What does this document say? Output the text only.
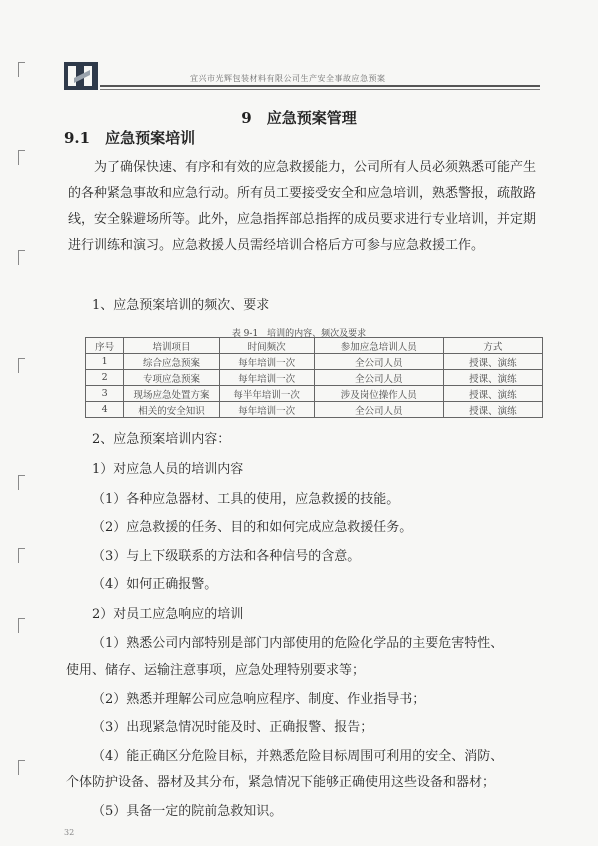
宜兴市光辉包装材料有限公司生产安全事故应急预案
9　应急预案管理
9.1　 应急预案培训

为了确保快速、有序和有效的应急救援能力，公司所有人员必须熟悉可能产生的各种紧急事故和应急行动。所有员工要接受安全和应急培训，熟悉警报，疏散路线，安全躲避场所等。此外，应急指挥部总指挥的成员要求进行专业培训，并定期进行训练和演习。应急救援人员需经培训合格后方可参与应急救援工作。

1、应急预案培训的频次、要求
表 9-1　培训的内容、频次及要求
序号	培训项目	时间频次	参加应急培训人员	方式
1	综合应急预案	每年培训一次	全公司人员	授课、演练
2	专项应急预案	每年培训一次	全公司人员	授课、演练
3	现场应急处置方案	每半年培训一次	涉及岗位操作人员	授课、演练
4	相关的安全知识	每年培训一次	全公司人员	授课、演练
2、应急预案培训内容：
1）对应急人员的培训内容
（1）各种应急器材、工具的使用，应急救援的技能。
（2）应急救援的任务、目的和如何完成应急救援任务。
（3）与上下级联系的方法和各种信号的含意。
（4）如何正确报警。
2）对员工应急响应的培训
（1）熟悉公司内部特别是部门内部使用的危险化学品的主要危害特性、
使用、储存、运输注意事项，应急处理特别要求等；
（2）熟悉并理解公司应急响应程序、制度、作业指导书；
（3）出现紧急情况时能及时、正确报警、报告；
（4）能正确区分危险目标，并熟悉危险目标周围可利用的安全、消防、
个体防护设备、器材及其分布，紧急情况下能够正确使用这些设备和器材；
（5）具备一定的院前急救知识。
32
